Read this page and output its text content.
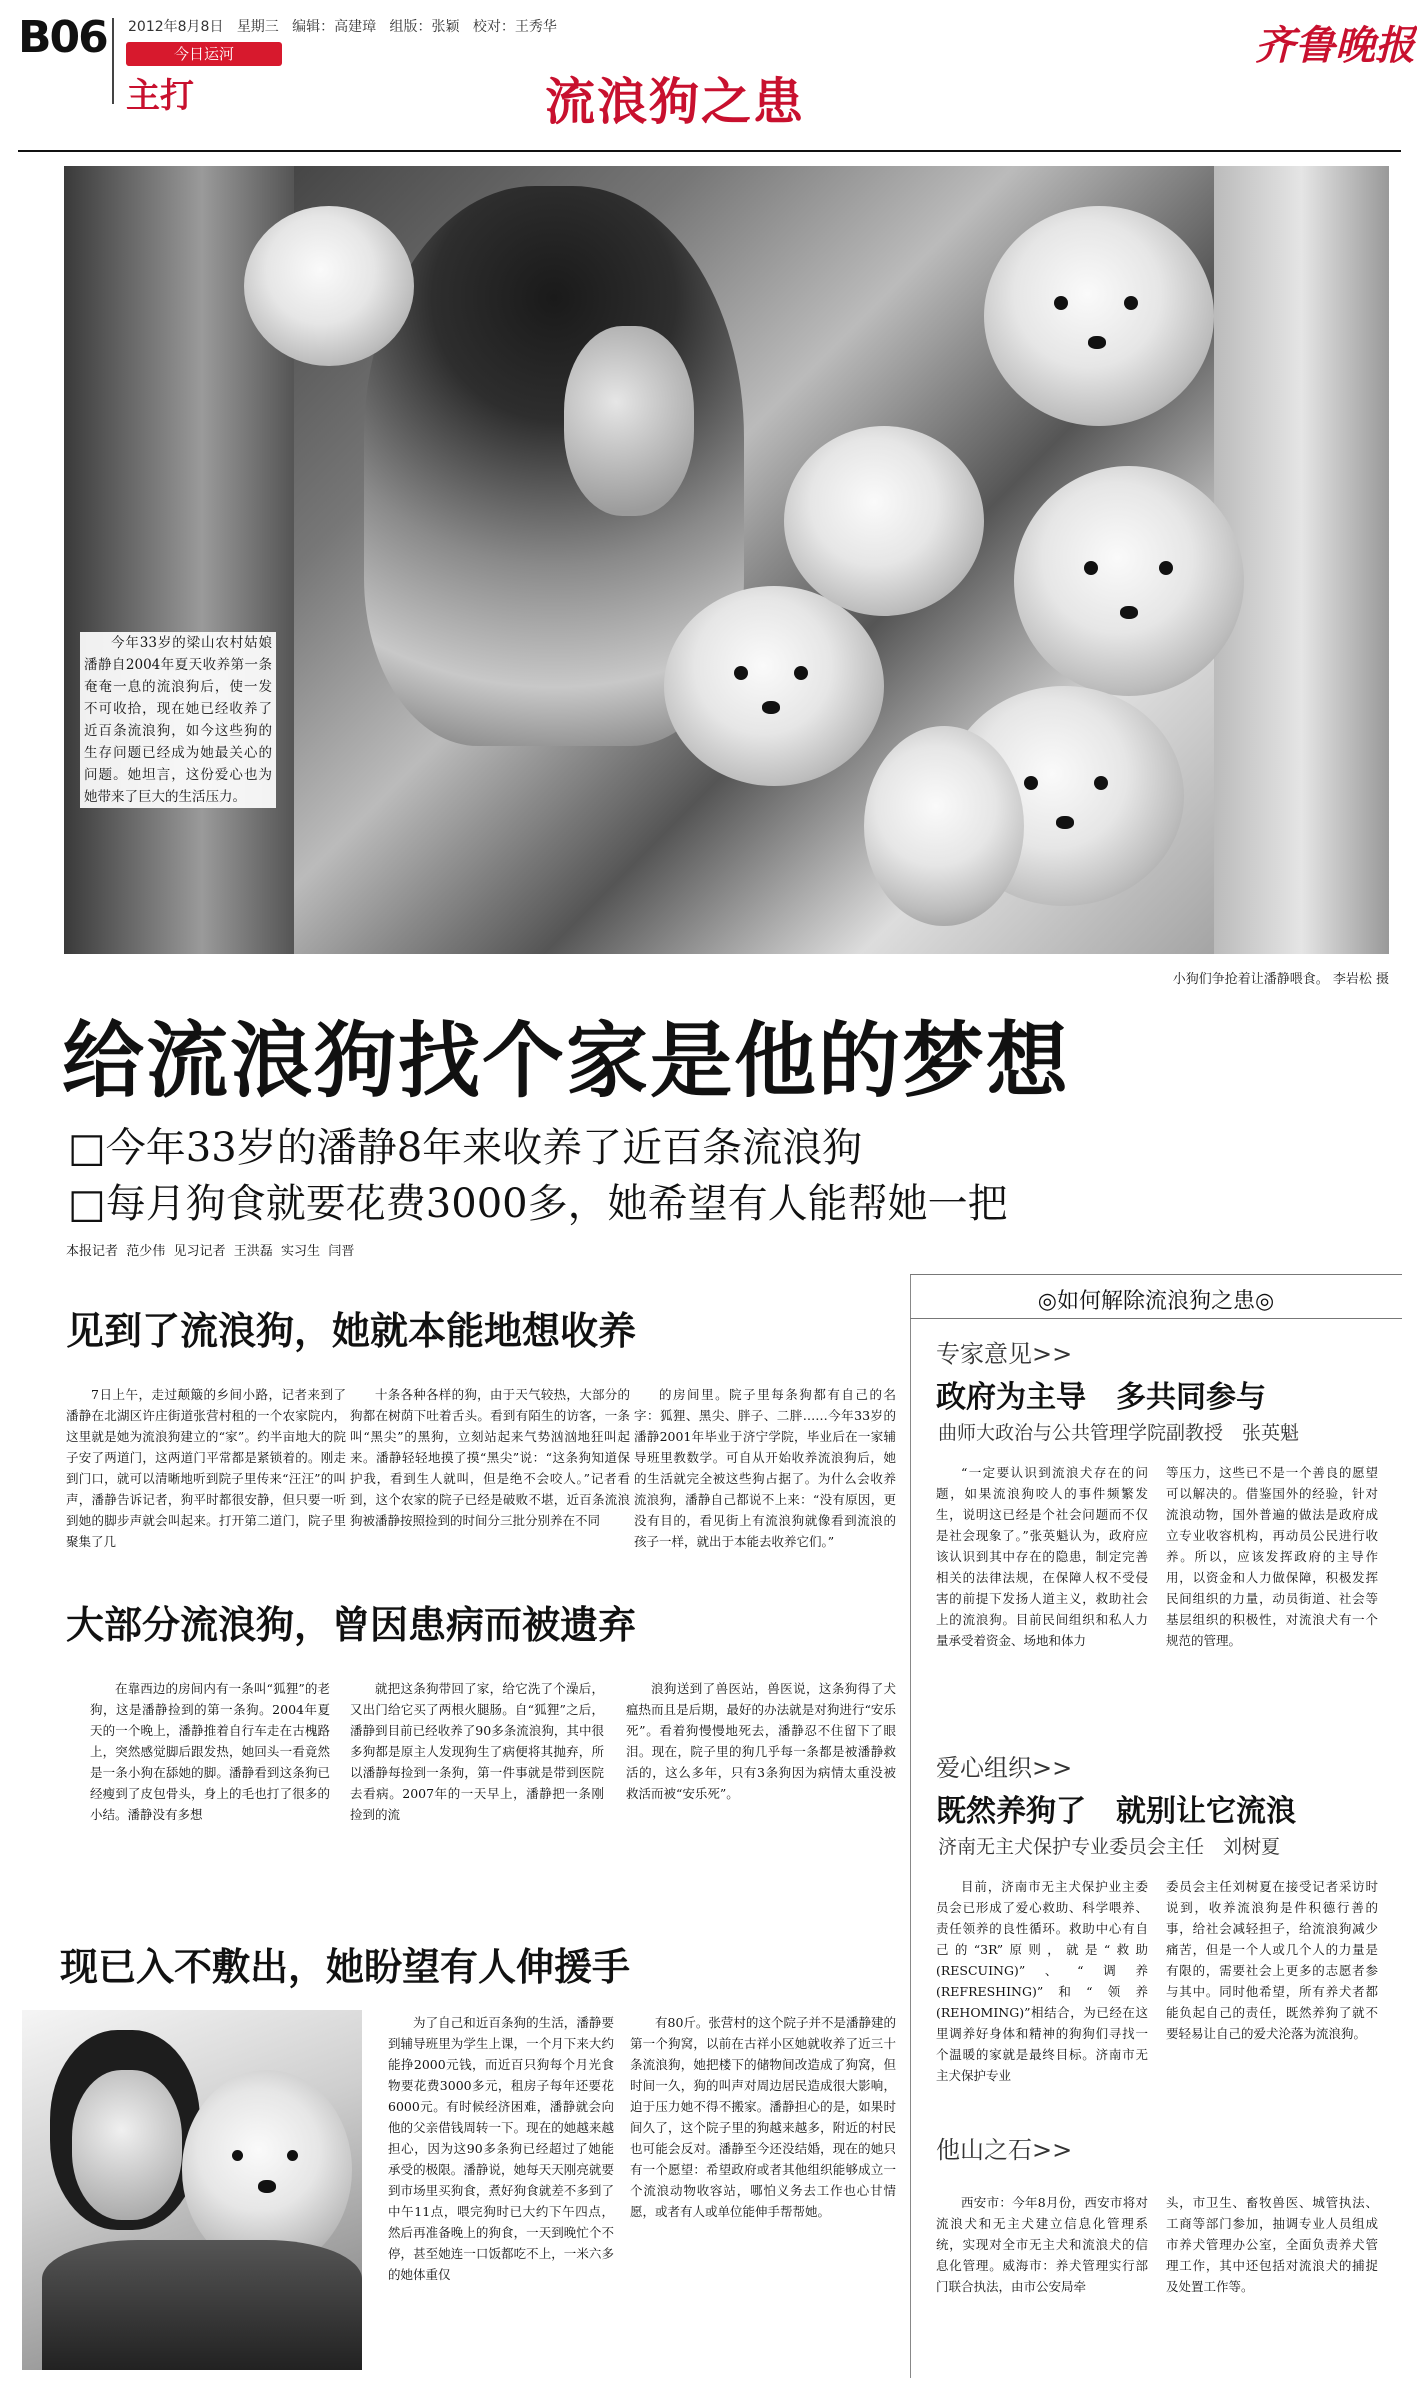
B06 2012年8月8日 星期三 编辑：高建璋 组版：张颖 校对：王秀华
今日运河
主打	流浪狗之患
齐鲁晚报
今年33岁的梁山农村姑娘潘静自2004年夏天收养第一条奄奄一息的流浪狗后，使一发不可收拾，现在她已经收养了近百条流浪狗，如今这些狗的生存问题已经成为她最关心的问题。她坦言，这份爱心也为她带来了巨大的生活压力。
小狗们争抢着让潘静喂食。 李岩松 摄
给流浪狗找个家是他的梦想
□今年33岁的潘静8年来收养了近百条流浪狗
□每月狗食就要花费3000多，她希望有人能帮她一把
本报记者  范少伟  见习记者  王洪磊  实习生  闫晋
见到了流浪狗，她就本能地想收养

7日上午，走过颠簸的乡间小路，记者来到了潘静在北湖区许庄街道张营村租的一个农家院内，这里就是她为流浪狗建立的“家”。约半亩地大的院子安了两道门，这两道门平常都是紧锁着的。刚走到门口，就可以清晰地听到院子里传来“汪汪”的叫声，潘静告诉记者，狗平时都很安静，但只要一听到她的脚步声就会叫起来。打开第二道门，院子里聚集了几

十条各种各样的狗，由于天气较热，大部分的狗都在树荫下吐着舌头。看到有陌生的访客，一条叫“黑尖”的黑狗，立刻站起来气势汹汹地狂叫起来。潘静轻轻地摸了摸“黑尖”说：“这条狗知道保护我，看到生人就叫，但是绝不会咬人。”记者看到，这个农家的院子已经是破败不堪，近百条流浪狗被潘静按照捡到的时间分三批分别养在不同

的房间里。院子里每条狗都有自己的名字：狐狸、黑尖、胖子、二胖……今年33岁的潘静2001年毕业于济宁学院，毕业后在一家辅导班里教数学。可自从开始收养流浪狗后，她的生活就完全被这些狗占据了。为什么会收养流浪狗，潘静自己都说不上来：“没有原因，更没有目的，看见街上有流浪狗就像看到流浪的孩子一样，就出于本能去收养它们。”

大部分流浪狗，曾因患病而被遗弃

在靠西边的房间内有一条叫“狐狸”的老狗，这是潘静捡到的第一条狗。2004年夏天的一个晚上，潘静推着自行车走在古槐路上，突然感觉脚后跟发热，她回头一看竟然是一条小狗在舔她的脚。潘静看到这条狗已经瘦到了皮包骨头，身上的毛也打了很多的小结。潘静没有多想

就把这条狗带回了家，给它洗了个澡后，又出门给它买了两根火腿肠。自“狐狸”之后，潘静到目前已经收养了90多条流浪狗，其中很多狗都是原主人发现狗生了病便将其抛弃，所以潘静每捡到一条狗，第一件事就是带到医院去看病。2007年的一天早上，潘静把一条刚捡到的流

浪狗送到了兽医站，兽医说，这条狗得了犬瘟热而且是后期，最好的办法就是对狗进行“安乐死”。看着狗慢慢地死去，潘静忍不住留下了眼泪。现在，院子里的狗几乎每一条都是被潘静救活的，这么多年，只有3条狗因为病情太重没被救活而被“安乐死”。

现已入不敷出，她盼望有人伸援手

为了自己和近百条狗的生活，潘静要到辅导班里为学生上课，一个月下来大约能挣2000元钱，而近百只狗每个月光食物要花费3000多元，租房子每年还要花6000元。有时候经济困难，潘静就会向他的父亲借钱周转一下。现在的她越来越担心，因为这90多条狗已经超过了她能承受的极限。潘静说，她每天天刚亮就要到市场里买狗食，煮好狗食就差不多到了中午11点，喂完狗时已大约下午四点，然后再准备晚上的狗食，一天到晚忙个不停，甚至她连一口饭都吃不上，一米六多的她体重仅

有80斤。张营村的这个院子并不是潘静建的第一个狗窝，以前在古祥小区她就收养了近三十条流浪狗，她把楼下的储物间改造成了狗窝，但时间一久，狗的叫声对周边居民造成很大影响，迫于压力她不得不搬家。潘静担心的是，如果时间久了，这个院子里的狗越来越多，附近的村民也可能会反对。潘静至今还没结婚，现在的她只有一个愿望：希望政府或者其他组织能够成立一个流浪动物收容站，哪怕义务去工作也心甘情愿，或者有人或单位能伸手帮帮她。

◎如何解除流浪狗之患◎
专家意见>>
政府为主导　多共同参与
曲师大政治与公共管理学院副教授　张英魁

“一定要认识到流浪犬存在的问题，如果流浪狗咬人的事件频繁发生，说明这已经是个社会问题而不仅是社会现象了。”张英魁认为，政府应该认识到其中存在的隐患，制定完善相关的法律法规，在保障人权不受侵害的前提下发扬人道主义，救助社会上的流浪狗。目前民间组织和私人力量承受着资金、场地和体力

等压力，这些已不是一个善良的愿望可以解决的。借鉴国外的经验，针对流浪动物，国外普遍的做法是政府成立专业收容机构，再动员公民进行收养。所以，应该发挥政府的主导作用，以资金和人力做保障，积极发挥民间组织的力量，动员街道、社会等基层组织的积极性，对流浪犬有一个规范的管理。

爱心组织>>
既然养狗了　就别让它流浪
济南无主犬保护专业委员会主任　刘树夏

目前，济南市无主犬保护业主委员会已形成了爱心救助、科学喂养、责任领养的良性循环。救助中心有自己的“3R”原则，就是“救助(RESCUING)”、“调养(REFRESHING)”和“领养(REHOMING)”相结合，为已经在这里调养好身体和精神的狗狗们寻找一个温暖的家就是最终目标。济南市无主犬保护专业

委员会主任刘树夏在接受记者采访时说到，收养流浪狗是件积德行善的事，给社会减轻担子，给流浪狗减少痛苦，但是一个人或几个人的力量是有限的，需要社会上更多的志愿者参与其中。同时他希望，所有养犬者都能负起自己的责任，既然养狗了就不要轻易让自己的爱犬沦落为流浪狗。

他山之石>>

西安市：今年8月份，西安市将对流浪犬和无主犬建立信息化管理系统，实现对全市无主犬和流浪犬的信息化管理。威海市：养犬管理实行部门联合执法，由市公安局牵

头，市卫生、畜牧兽医、城管执法、工商等部门参加，抽调专业人员组成市养犬管理办公室，全面负责养犬管理工作，其中还包括对流浪犬的捕捉及处置工作等。
